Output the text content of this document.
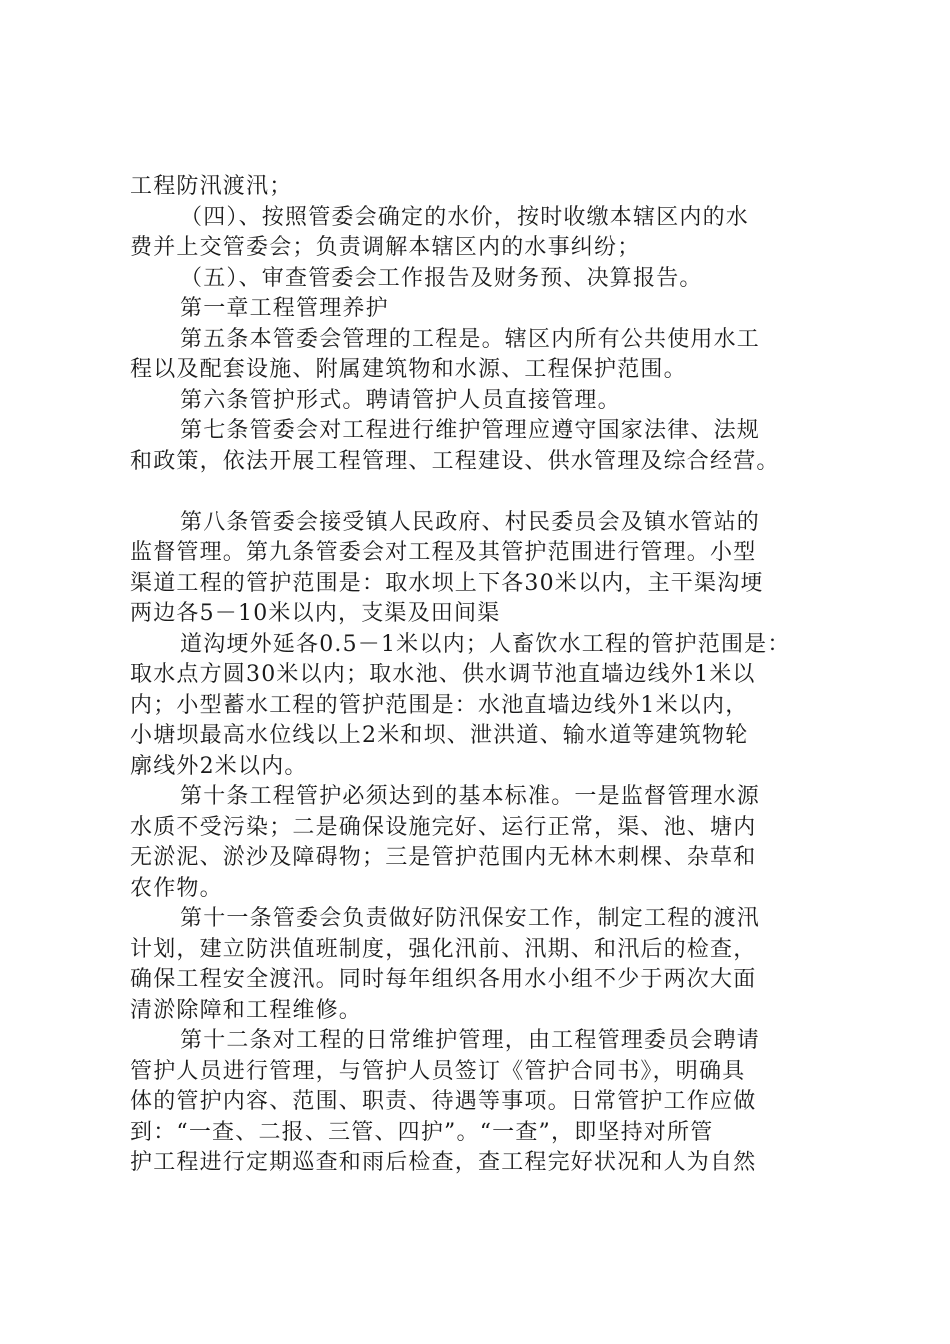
工程防汛渡汛；
（四）、按照管委会确定的水价，按时收缴本辖区内的水
费并上交管委会；负责调解本辖区内的水事纠纷；
（五）、审查管委会工作报告及财务预、决算报告。
第一章工程管理养护
第五条本管委会管理的工程是。辖区内所有公共使用水工
程以及配套设施、附属建筑物和水源、工程保护范围。
第六条管护形式。聘请管护人员直接管理。
第七条管委会对工程进行维护管理应遵守国家法律、法规
和政策，依法开展工程管理、工程建设、供水管理及综合经营。
第八条管委会接受镇人民政府、村民委员会及镇水管站的
监督管理。第九条管委会对工程及其管护范围进行管理。小型
渠道工程的管护范围是：取水坝上下各30米以内，主干渠沟埂
两边各5－10米以内，支渠及田间渠
道沟埂外延各0.5－1米以内；人畜饮水工程的管护范围是：
取水点方圆30米以内；取水池、供水调节池直墙边线外1米以
内；小型蓄水工程的管护范围是：水池直墙边线外1米以内，
小塘坝最高水位线以上2米和坝、泄洪道、输水道等建筑物轮
廓线外2米以内。
第十条工程管护必须达到的基本标准。一是监督管理水源
水质不受污染；二是确保设施完好、运行正常，渠、池、塘内
无淤泥、淤沙及障碍物；三是管护范围内无林木刺棵、杂草和
农作物。
第十一条管委会负责做好防汛保安工作，制定工程的渡汛
计划，建立防洪值班制度，强化汛前、汛期、和汛后的检查，
确保工程安全渡汛。同时每年组织各用水小组不少于两次大面
清淤除障和工程维修。
第十二条对工程的日常维护管理，由工程管理委员会聘请
管护人员进行管理，与管护人员签订《管护合同书》，明确具
体的管护内容、范围、职责、待遇等事项。日常管护工作应做
到：“一查、二报、三管、四护”。“一查”，即坚持对所管
护工程进行定期巡查和雨后检查，查工程完好状况和人为自然
